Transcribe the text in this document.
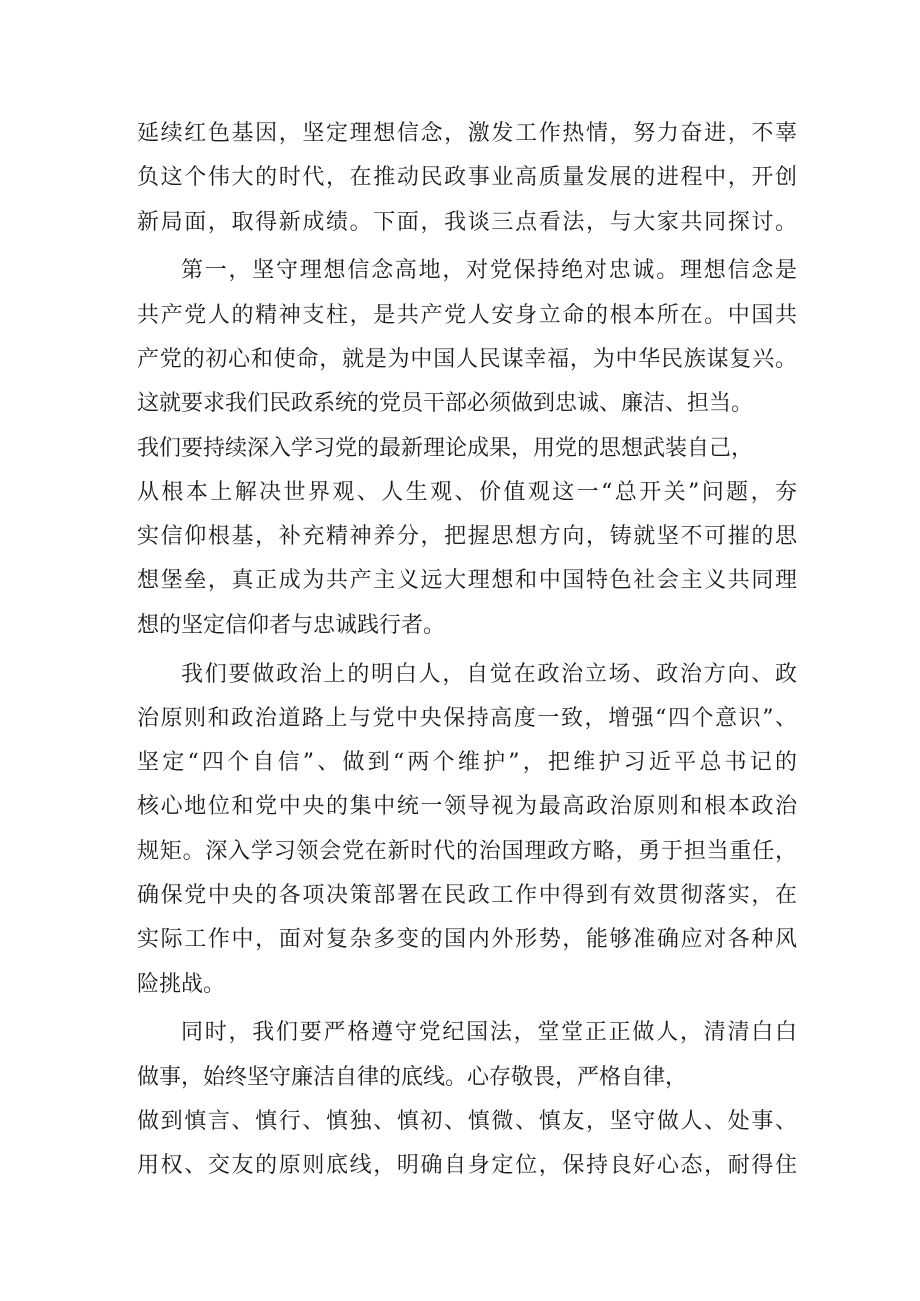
延续红色基因，坚定理想信念，激发工作热情，努力奋进，不辜
负这个伟大的时代，在推动民政事业高质量发展的进程中，开创
新局面，取得新成绩。下面，我谈三点看法，与大家共同探讨。
第一，坚守理想信念高地，对党保持绝对忠诚。理想信念是
共产党人的精神支柱，是共产党人安身立命的根本所在。中国共
产党的初心和使命，就是为中国人民谋幸福，为中华民族谋复兴。
这就要求我们民政系统的党员干部必须做到忠诚、廉洁、担当。
我们要持续深入学习党的最新理论成果，用党的思想武装自己，
从根本上解决世界观、人生观、价值观这一“总开关”问题，夯
实信仰根基，补充精神养分，把握思想方向，铸就坚不可摧的思
想堡垒，真正成为共产主义远大理想和中国特色社会主义共同理
想的坚定信仰者与忠诚践行者。
我们要做政治上的明白人，自觉在政治立场、政治方向、政
治原则和政治道路上与党中央保持高度一致，增强“四个意识”、
坚定“四个自信”、做到“两个维护”，把维护习近平总书记的
核心地位和党中央的集中统一领导视为最高政治原则和根本政治
规矩。深入学习领会党在新时代的治国理政方略，勇于担当重任，
确保党中央的各项决策部署在民政工作中得到有效贯彻落实，在
实际工作中，面对复杂多变的国内外形势，能够准确应对各种风
险挑战。
同时，我们要严格遵守党纪国法，堂堂正正做人，清清白白
做事，始终坚守廉洁自律的底线。心存敬畏，严格自律，
做到慎言、慎行、慎独、慎初、慎微、慎友，坚守做人、处事、
用权、交友的原则底线，明确自身定位，保持良好心态，耐得住
